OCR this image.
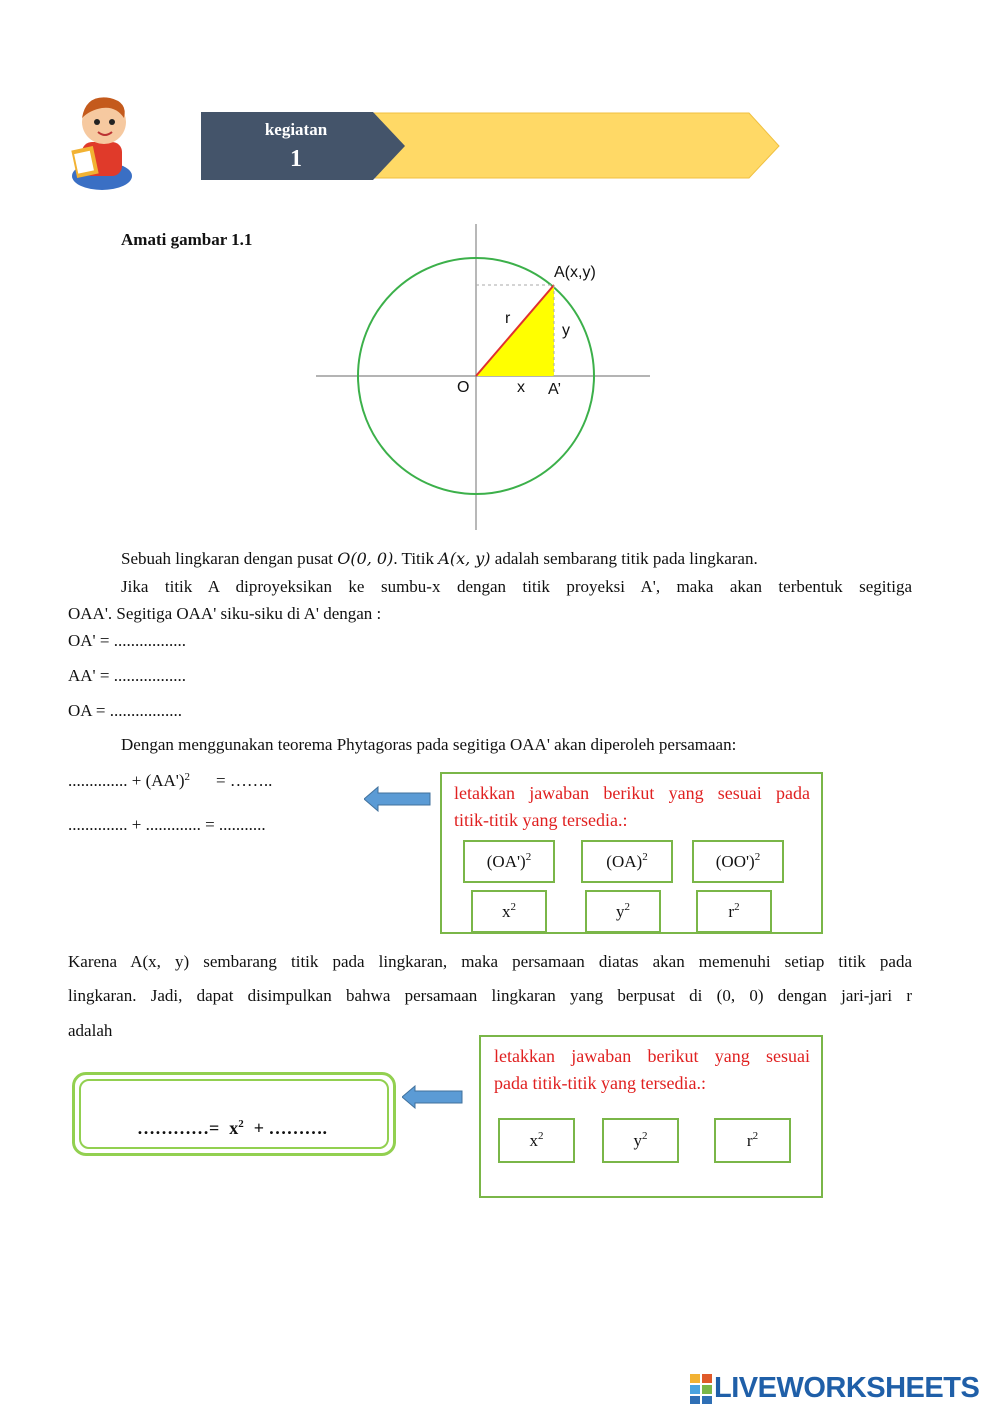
kegiatan
1
Amati gambar 1.1
A(x,y)
r
y
O	x A’
Sebuah lingkaran dengan pusat O(0, 0). Titik A(x, y) adalah sembarang titik pada lingkaran.
Jika titik A diproyeksikan ke sumbu-x dengan titik proyeksi A', maka akan terbentuk segitiga
OAA'. Segitiga OAA' siku-siku di A' dengan :
OA' = .................
AA' = .................
OA = .................
Dengan menggunakan teorema Phytagoras pada segitiga OAA' akan diperoleh persamaan:
.............. + $(AA')^2$ = ……..
.............. + ............. = ...........
letakkan jawaban berikut yang sesuai pada
titik-titik yang tersedia.:
$(OA')^2$	(OA)$^2$	$(OO')^2$
$x^2$	$y^2$	$r^2$
Karena A(x, y) sembarang titik pada lingkaran, maka persamaan diatas akan memenuhi setiap titik pada
lingkaran. Jadi, dapat disimpulkan bahwa persamaan lingkaran yang berpusat di (0, 0) dengan jari-jari r
adalah
…………= $x^2$ + ……….
letakkan jawaban berikut yang sesuai
pada titik-titik yang tersedia.:
$x^2$	$y^2$	$r^2$
LIVEWORKSHEETS
